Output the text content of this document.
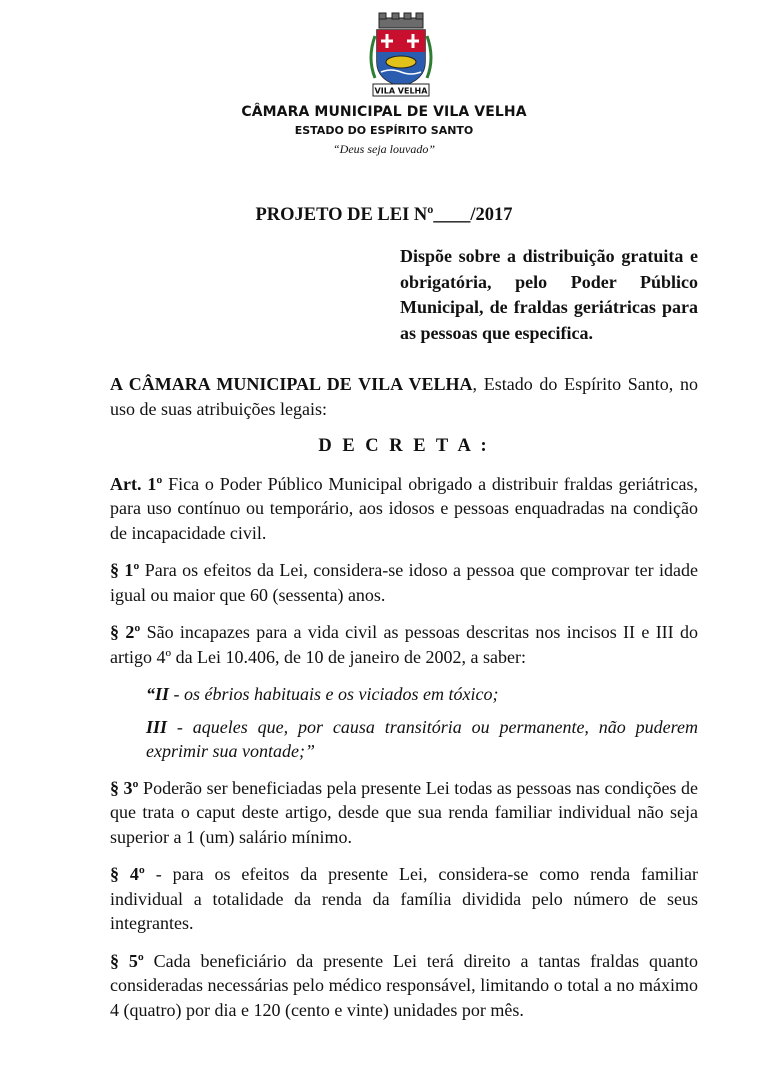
VILA VELHA
CÂMARA MUNICIPAL DE VILA VELHA
ESTADO DO ESPÍRITO SANTO
“Deus seja louvado”
PROJETO DE LEI Nº____/2017
Dispõe sobre a distribuição gratuita e obrigatória, pelo Poder Público Municipal, de fraldas geriátricas para as pessoas que especifica.

A CÂMARA MUNICIPAL DE VILA VELHA, Estado do Espírito Santo, no uso de suas atribuições legais:

D E C R E T A :

Art. 1º Fica o Poder Público Municipal obrigado a distribuir fraldas geriátricas, para uso contínuo ou temporário, aos idosos e pessoas enquadradas na condição de incapacidade civil.

§ 1º Para os efeitos da Lei, considera-se idoso a pessoa que comprovar ter idade igual ou maior que 60 (sessenta) anos.

§ 2º São incapazes para a vida civil as pessoas descritas nos incisos II e III do artigo 4º da Lei 10.406, de 10 de janeiro de 2002, a saber:

“II - os ébrios habituais e os viciados em tóxico;

III - aqueles que, por causa transitória ou permanente, não puderem exprimir sua vontade;”

§ 3º Poderão ser beneficiadas pela presente Lei todas as pessoas nas condições de que trata o caput deste artigo, desde que sua renda familiar individual não seja superior a 1 (um) salário mínimo.

§ 4º - para os efeitos da presente Lei, considera-se como renda familiar individual a totalidade da renda da família dividida pelo número de seus integrantes.

§ 5º Cada beneficiário da presente Lei terá direito a tantas fraldas quanto consideradas necessárias pelo médico responsável, limitando o total a no máximo 4 (quatro) por dia e 120 (cento e vinte) unidades por mês.
